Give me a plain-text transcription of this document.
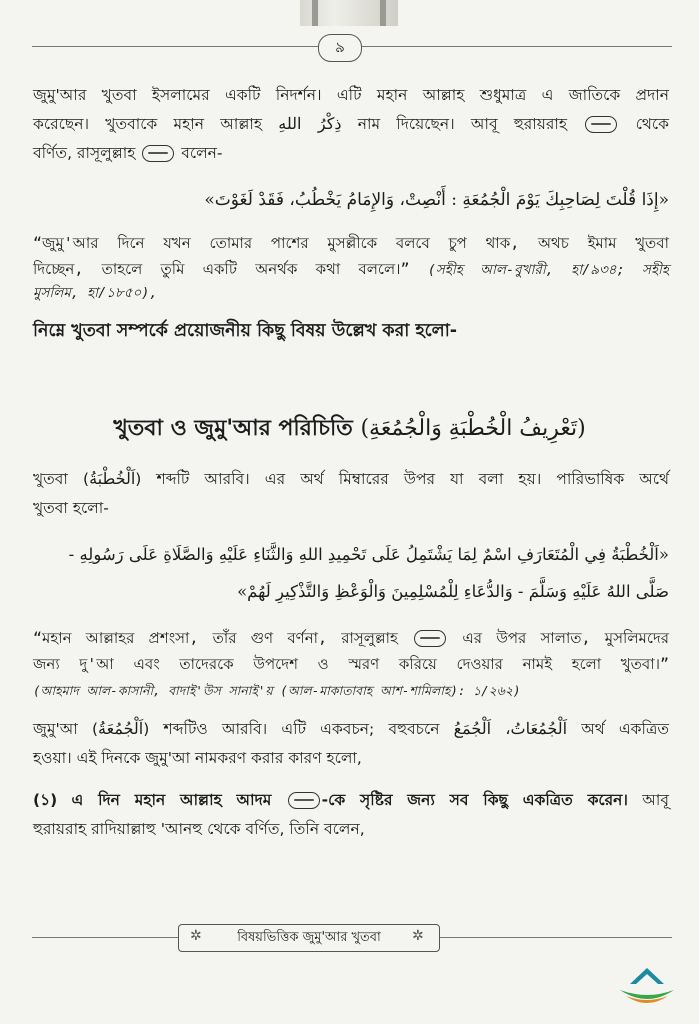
৯
জুমু'আর খুতবা ইসলামের একটি নিদর্শন। এটি মহান আল্লাহ শুধুমাত্র এ জাতিকে প্রদান
করেছেন। খুতবাকে মহান আল্লাহ ذِكْرُ اللهِ নাম দিয়েছেন। আবূ হুরায়রাহ	থেকে
বর্ণিত, রাসূলুল্লাহ	বলেন-
«إِذَا قُلْتَ لِصَاحِبِكَ يَوْمَ الْجُمُعَةِ : أَنْصِتْ، وَالإِمَامُ يَخْطُبُ، فَقَدْ لَغَوْتَ»
“জুমু'আর দিনে যখন তোমার পাশের মুসল্লীকে বলবে চুপ থাক, অথচ ইমাম খুতবা
দিচ্ছেন, তাহলে তুমি একটি অনর্থক কথা বললে।” (সহীহ আল-বুখারী, হা/৯৩৪; সহীহ
মুসলিম, হা/১৮৫০),
নিম্নে খুতবা সম্পর্কে প্রয়োজনীয় কিছু বিষয় উল্লেখ করা হলো-
খুতবা ও জুমু'আর পরিচিতি (تَعْرِيفُ الْخُطْبَةِ وَالْجُمُعَةِ)
খুতবা (اَلْخُطْبَةُ) শব্দটি আরবি। এর অর্থ মিম্বারের উপর যা বলা হয়। পারিভাষিক অর্থে
খুতবা হলো-
«اَلْخُطْبَةُ فِي الْمُتَعَارَفِ اسْمٌ لِمَا يَشْتَمِلُ عَلَى تَحْمِيدِ اللهِ وَالثَّنَاءِ عَلَيْهِ وَالصَّلَاةِ عَلَى رَسُولِهِ -
صَلَّى اللهُ عَلَيْهِ وَسَلَّمَ - وَالدُّعَاءِ لِلْمُسْلِمِينَ وَالْوَعْظِ وَالتَّذْكِيرِ لَهُمْ»
“মহান আল্লাহর প্রশংসা, তাঁর গুণ বর্ণনা, রাসূলুল্লাহ	এর উপর সালাত, মুসলিমদের
জন্য দু'আ এবং তাদেরকে উপদেশ ও স্মরণ করিয়ে দেওয়ার নামই হলো খুতবা।”
(আহমাদ আল-কাসানী, বাদাই'উস সানাই'য় (আল-মাকাতাবাহ আশ-শামিলাহ): ১/২৬২)
জুমু'আ (اَلْجُمُعَةُ) শব্দটিও আরবি। এটি একবচন; বহুবচনে اَلْجُمُعَاتُ، اَلْجُمَعُ অর্থ একত্রিত
হওয়া। এই দিনকে জুমু'আ নামকরণ করার কারণ হলো,
(১) এ দিন মহান আল্লাহ আদম	-কে সৃষ্টির জন্য সব কিছু একত্রিত করেন। আবূ
হুরায়রাহ রাদিয়াল্লাহু 'আনহু থেকে বর্ণিত, তিনি বলেন,
বিষয়ভিত্তিক জুমু'আর খুতবা
✲	✲
